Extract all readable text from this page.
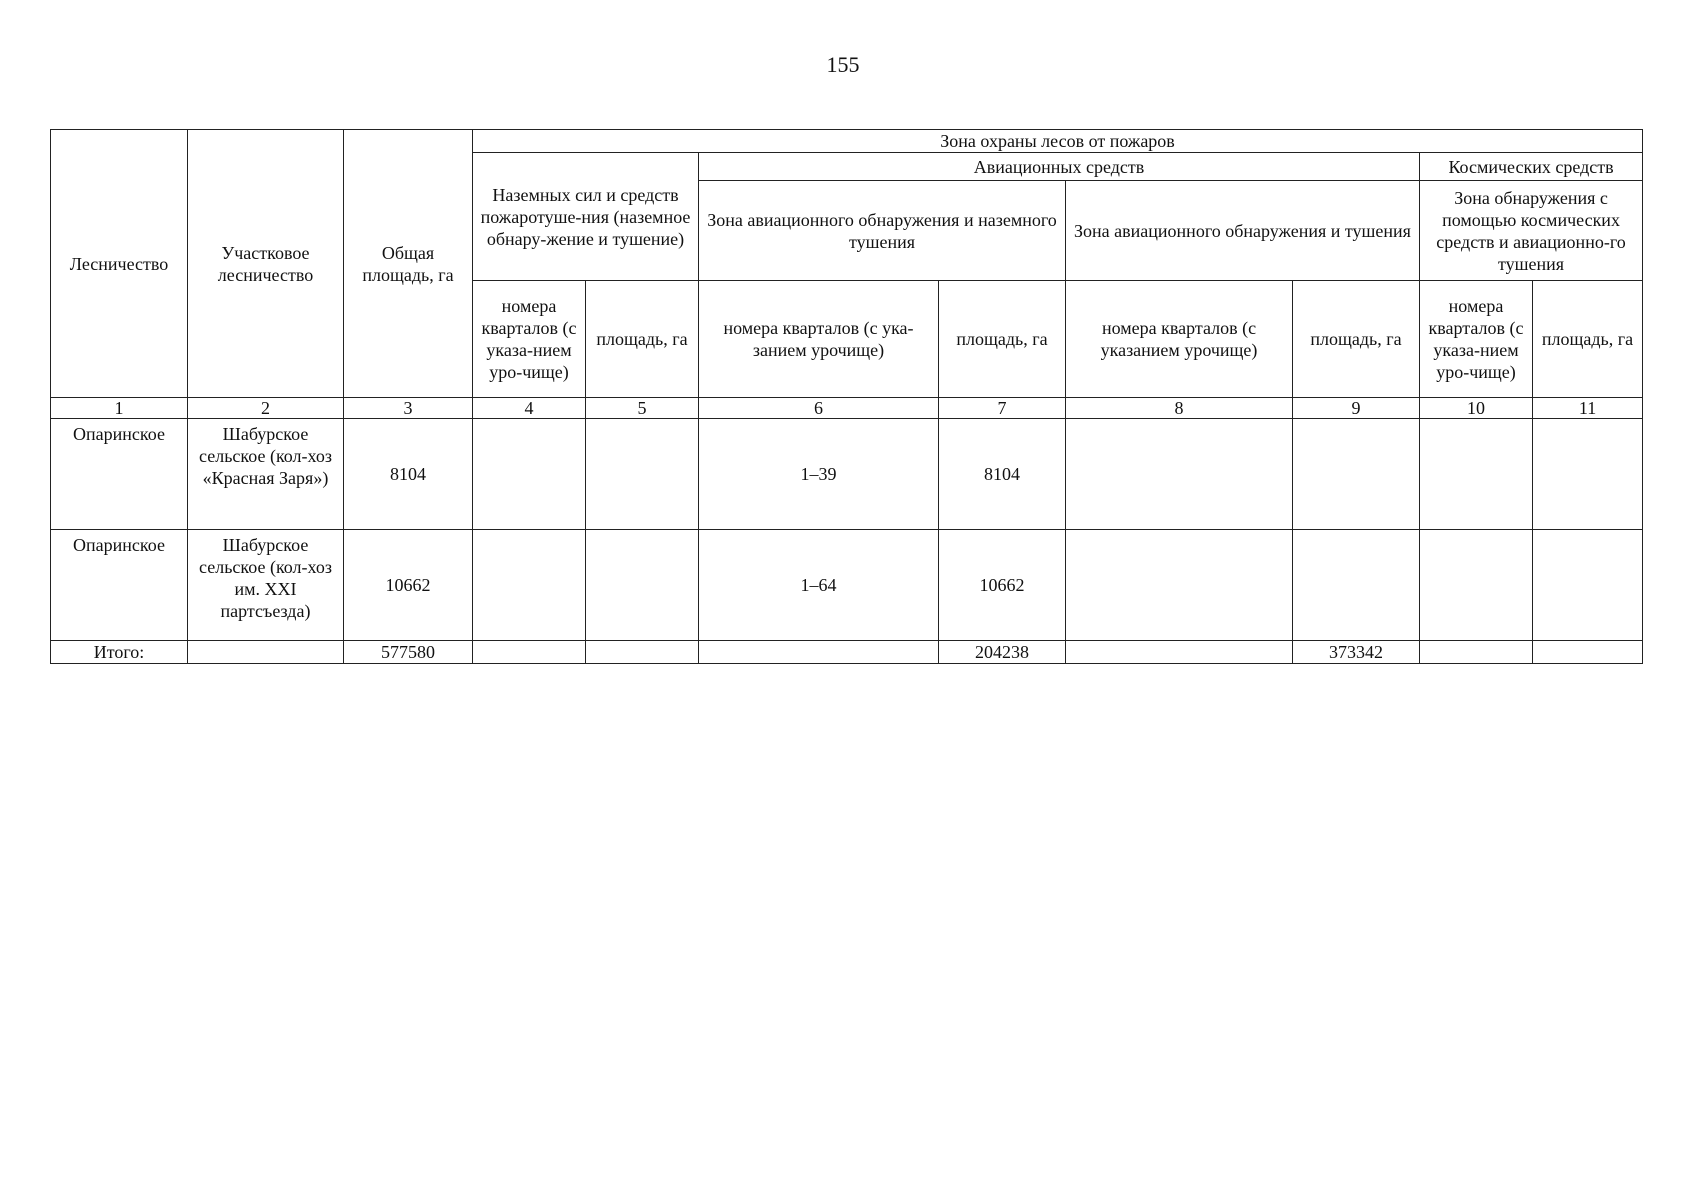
155
Лесничество	Участковое лесничество	Общая площадь, га	Зона охраны лесов от пожаров							
			Наземных сил и средств пожаротуше-ния (наземное обнару-жение и тушение)		Авиационных средств				Космических средств	
					Зона авиационного обнаружения и наземного тушения		Зона авиационного обнаружения и тушения		Зона обнаружения с помощью космических средств и авиационно-го тушения	
			номера кварталов (с указа-нием уро-чище)	площадь, га	номера кварталов (с ука-занием урочище)	площадь, га	номера кварталов (с указанием урочище)	площадь, га	номера кварталов (с указа-нием уро-чище)	площадь, га
1	2	3	4	5	6	7	8	9	10	11
Опаринское	Шабурское сельское (кол-хоз «Красная Заря»)	8104			1–39	8104				
Опаринское	Шабурское сельское (кол-хоз им. XXI партсъезда)	10662			1–64	10662				
Итого:		577580				204238		373342		
